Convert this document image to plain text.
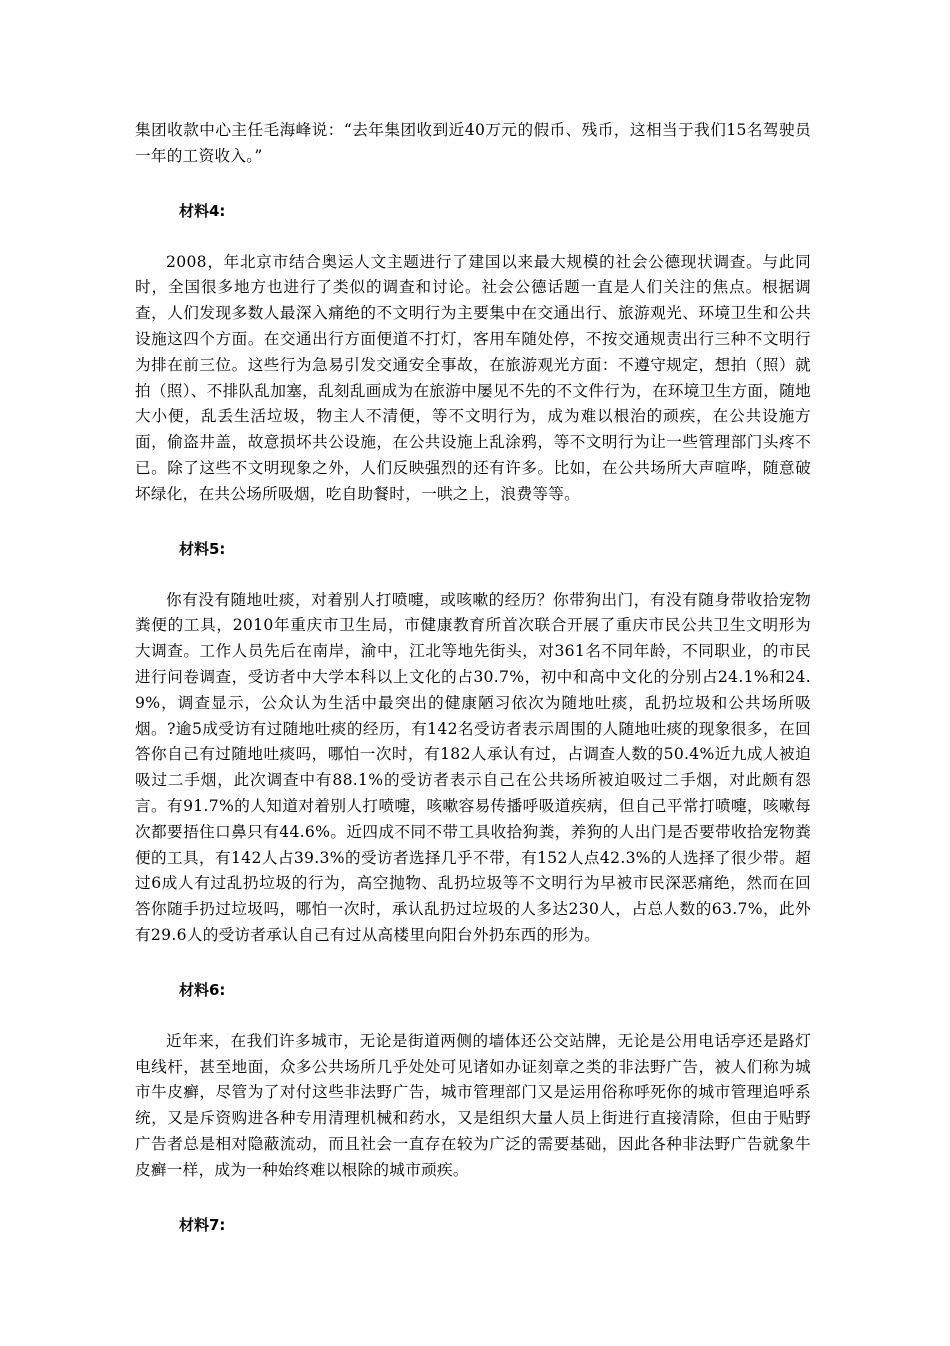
集团收款中心主任毛海峰说：“去年集团收到近40万元的假币、残币，这相当于我们15名驾驶员一年的工资收入。”

材料4:

2008，年北京市结合奥运人文主题进行了建国以来最大规模的社会公德现状调查。与此同时，全国很多地方也进行了类似的调查和讨论。社会公德话题一直是人们关注的焦点。根据调查，人们发现多数人最深入痛绝的不文明行为主要集中在交通出行、旅游观光、环境卫生和公共设施这四个方面。在交通出行方面便道不打灯，客用车随处停，不按交通规责出行三种不文明行为排在前三位。这些行为急易引发交通安全事故，在旅游观光方面：不遵守规定，想拍（照）就拍（照）、不排队乱加塞，乱刻乱画成为在旅游中屡见不先的不文件行为，在环境卫生方面，随地大小便，乱丢生活垃圾，物主人不清便，等不文明行为，成为难以根治的顽疾，在公共设施方面，偷盗井盖，故意损坏共公设施，在公共设施上乱涂鸦，等不文明行为让一些管理部门头疼不已。除了这些不文明现象之外，人们反映强烈的还有许多。比如，在公共场所大声喧哗，随意破坏绿化，在共公场所吸烟，吃自助餐时，一哄之上，浪费等等。

材料5:

你有没有随地吐痰，对着别人打喷嚏，或咳嗽的经历？你带狗出门，有没有随身带收拾宠物粪便的工具，2010年重庆市卫生局，市健康教育所首次联合开展了重庆市民公共卫生文明形为大调查。工作人员先后在南岸，渝中，江北等地先街头，对361名不同年龄，不同职业，的市民进行问卷调查，受访者中大学本科以上文化的占30.7%，初中和高中文化的分别占24.1%和24.9%，调查显示，公众认为生活中最突出的健康陋习依次为随地吐痰，乱扔垃圾和公共场所吸烟。?逾5成受访有过随地吐痰的经历，有142名受访者表示周围的人随地吐痰的现象很多，在回答你自己有过随地吐痰吗，哪怕一次时，有182人承认有过，占调查人数的50.4%近九成人被迫吸过二手烟，此次调查中有88.1%的受访者表示自己在公共场所被迫吸过二手烟，对此颇有怨言。有91.7%的人知道对着别人打喷嚏，咳嗽容易传播呼吸道疾病，但自己平常打喷嚏，咳嗽每次都要捂住口鼻只有44.6%。近四成不同不带工具收拾狗粪，养狗的人出门是否要带收拾宠物粪便的工具，有142人占39.3%的受访者选择几乎不带，有152人点42.3%的人选择了很少带。超过6成人有过乱扔垃圾的行为，高空抛物、乱扔垃圾等不文明行为早被市民深恶痛绝，然而在回答你随手扔过垃圾吗，哪怕一次时，承认乱扔过垃圾的人多达230人，占总人数的63.7%，此外有29.6人的受访者承认自己有过从高楼里向阳台外扔东西的形为。

材料6:

近年来，在我们许多城市，无论是街道两侧的墙体还公交站牌，无论是公用电话亭还是路灯电线杆，甚至地面，众多公共场所几乎处处可见诸如办证刻章之类的非法野广告，被人们称为城市牛皮癣，尽管为了对付这些非法野广告，城市管理部门又是运用俗称呼死你的城市管理追呼系统，又是斥资购进各种专用清理机械和药水，又是组织大量人员上街进行直接清除，但由于贴野广告者总是相对隐蔽流动，而且社会一直存在较为广泛的需要基础，因此各种非法野广告就象牛皮癣一样，成为一种始终难以根除的城市顽疾。

材料7:
